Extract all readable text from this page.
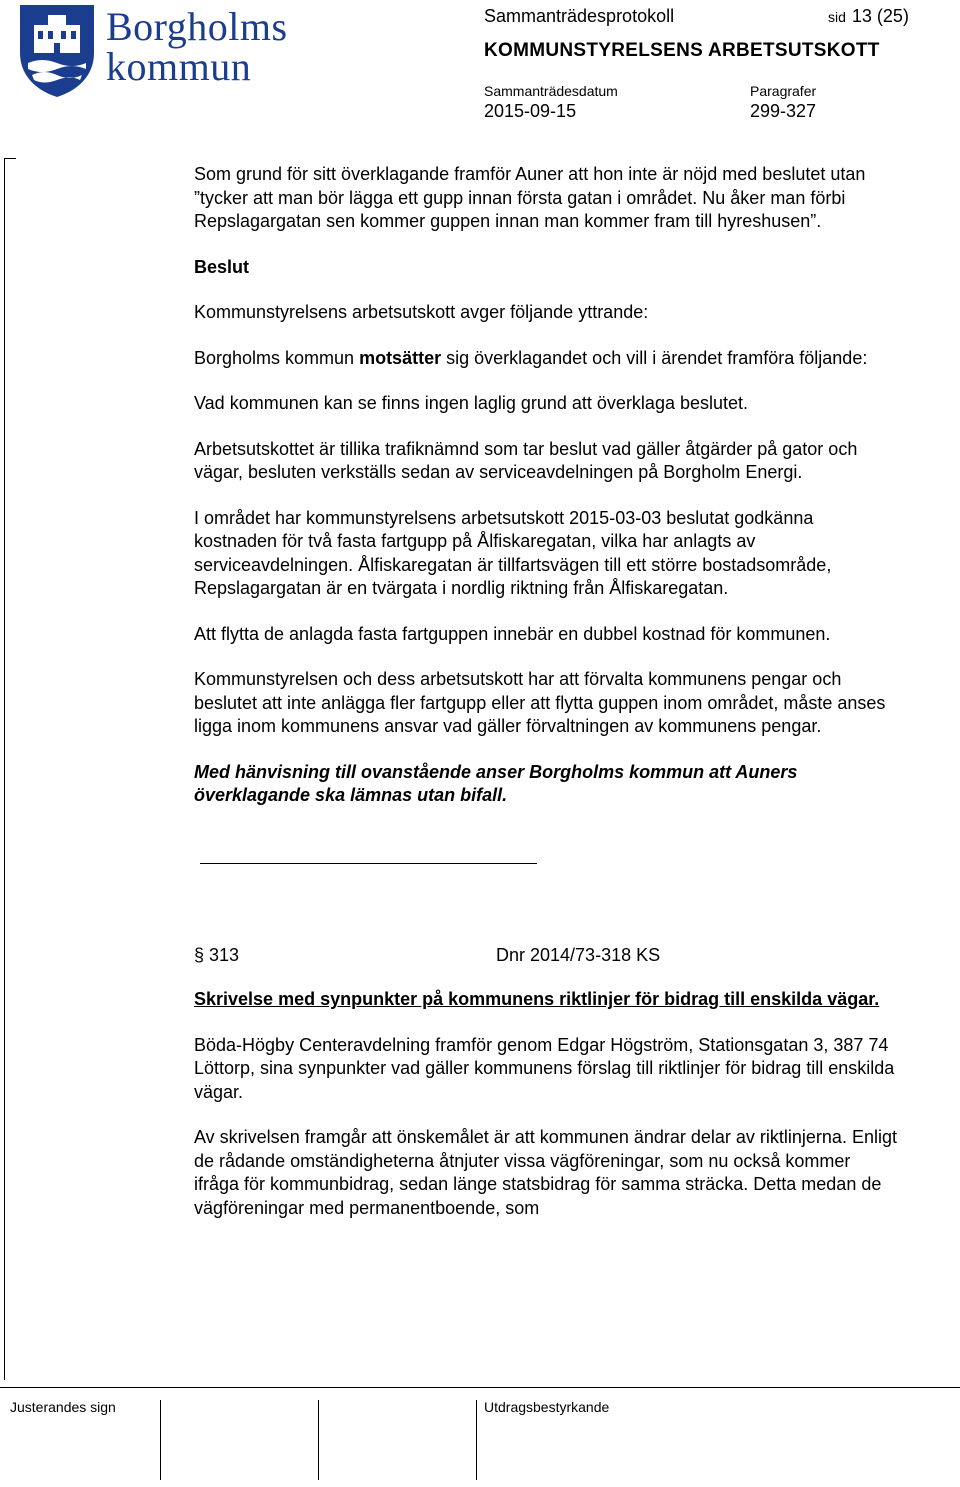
Borgholms
kommun
Sammanträdesprotokoll	sid 13 (25)
KOMMUNSTYRELSENS ARBETSUTSKOTT
Sammanträdesdatum	Paragrafer
2015-09-15	299-327

Som grund för sitt överklagande framför Auner att hon inte är nöjd med beslutet utan ”tycker att man bör lägga ett gupp innan första gatan i området. Nu åker man förbi Repslagargatan sen kommer guppen innan man kommer fram till hyreshusen”.

Beslut

Kommunstyrelsens arbetsutskott avger följande yttrande:

Borgholms kommun motsätter sig överklagandet och vill i ärendet framföra följande:

Vad kommunen kan se finns ingen laglig grund att överklaga beslutet.

Arbetsutskottet är tillika trafiknämnd som tar beslut vad gäller åtgärder på gator och vägar, besluten verkställs sedan av serviceavdelningen på Borgholm Energi.

I området har kommunstyrelsens arbetsutskott 2015-03-03 beslutat godkänna kostnaden för två fasta fartgupp på Ålfiskaregatan, vilka har anlagts av serviceavdelningen. Ålfiskaregatan är tillfartsvägen till ett större bostadsområde, Repslagargatan är en tvärgata i nordlig riktning från Ålfiskaregatan.

Att flytta de anlagda fasta fartguppen innebär en dubbel kostnad för kommunen.

Kommunstyrelsen och dess arbetsutskott har att förvalta kommunens pengar och beslutet att inte anlägga fler fartgupp eller att flytta guppen inom området, måste anses ligga inom kommunens ansvar vad gäller förvaltningen av kommunens pengar.

Med hänvisning till ovanstående anser Borgholms kommun att Auners överklagande ska lämnas utan bifall.

§ 313	Dnr 2014/73-318 KS

Skrivelse med synpunkter på kommunens riktlinjer för bidrag till enskilda vägar.

Böda-Högby Centeravdelning framför genom Edgar Högström, Stationsgatan 3, 387 74 Löttorp, sina synpunkter vad gäller kommunens förslag till riktlinjer för bidrag till enskilda vägar.

Av skrivelsen framgår att önskemålet är att kommunen ändrar delar av riktlinjerna. Enligt de rådande omständigheterna åtnjuter vissa vägföreningar, som nu också kommer ifråga för kommunbidrag, sedan länge statsbidrag för samma sträcka. Detta medan de vägföreningar med permanentboende, som

Justerandes sign	Utdragsbestyrkande
